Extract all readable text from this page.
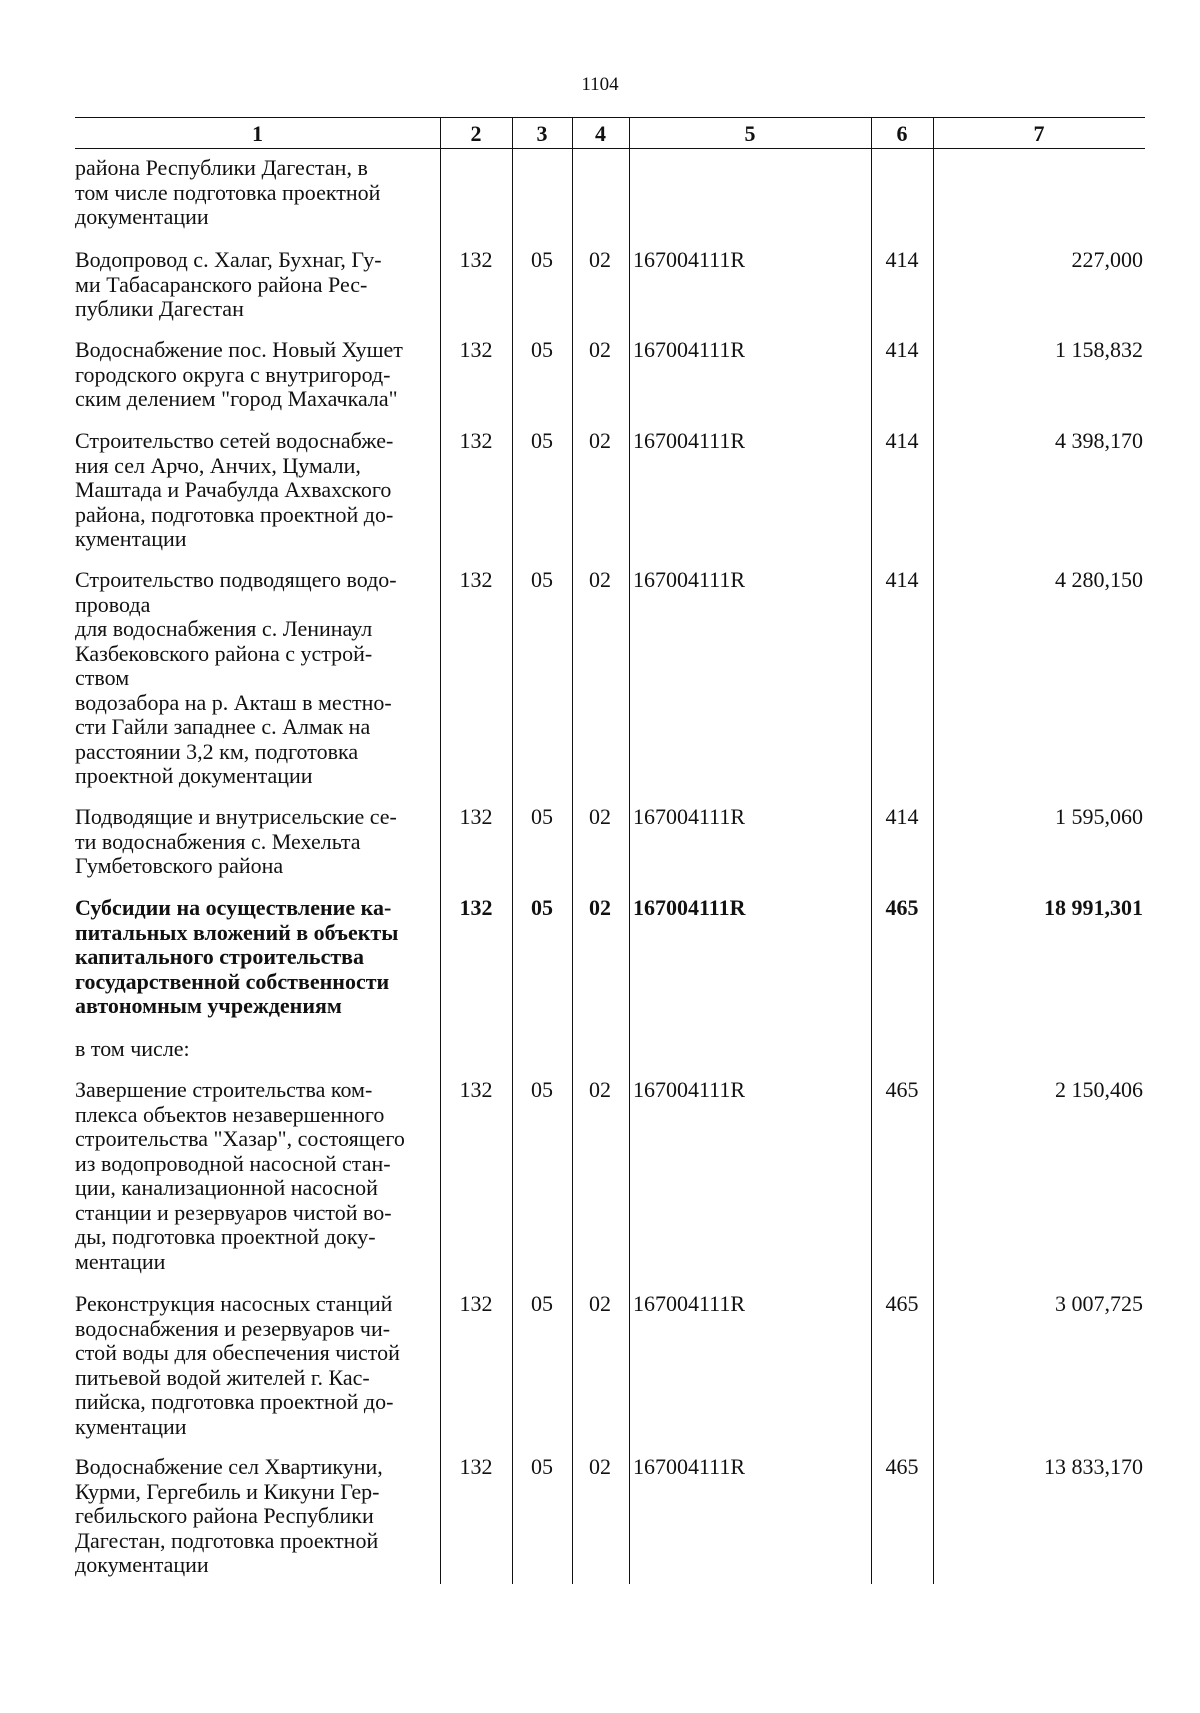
1104
1	2	3	4	5	6	7
района Республики Дагестан, в
том числе подготовка проектной
документации
Водопровод с. Халаг, Бухнаг, Гу-
ми Табасаранского района Рес-
публики Дагестан
132	05	02	167004111R	414	227,000
Водоснабжение пос. Новый Хушет
городского округа с внутригород-
ским делением "город Махачкала"
132	05	02	167004111R	414	1 158,832
Строительство сетей водоснабже-
ния сел Арчо, Анчих, Цумали,
Маштада и Рачабулда Ахвахского
района, подготовка проектной до-
кументации
132	05	02	167004111R	414	4 398,170
Строительство подводящего водо-
провода
для водоснабжения с. Ленинаул
Казбековского района с устрой-
ством
водозабора на р. Акташ в местно-
сти Гайли западнее с. Алмак на
расстоянии 3,2 км, подготовка
проектной документации
132	05	02	167004111R	414	4 280,150
Подводящие и внутрисельские се-
ти водоснабжения с. Мехельта
Гумбетовского района
132	05	02	167004111R	414	1 595,060
Субсидии на осуществление ка-
питальных вложений в объекты
капитального строительства
государственной собственности
автономным учреждениям
132	05	02	167004111R	465	18 991,301
в том числе:
Завершение строительства ком-
плекса объектов незавершенного
строительства "Хазар", состоящего
из водопроводной насосной стан-
ции, канализационной насосной
станции и резервуаров чистой во-
ды, подготовка проектной доку-
ментации
132	05	02	167004111R	465	2 150,406
Реконструкция насосных станций
водоснабжения и резервуаров чи-
стой воды для обеспечения чистой
питьевой водой жителей г. Кас-
пийска, подготовка проектной до-
кументации
132	05	02	167004111R	465	3 007,725
Водоснабжение сел Хвартикуни,
Курми, Гергебиль и Кикуни Гер-
гебильского района Республики
Дагестан, подготовка проектной
документации
132	05	02	167004111R	465	13 833,170
